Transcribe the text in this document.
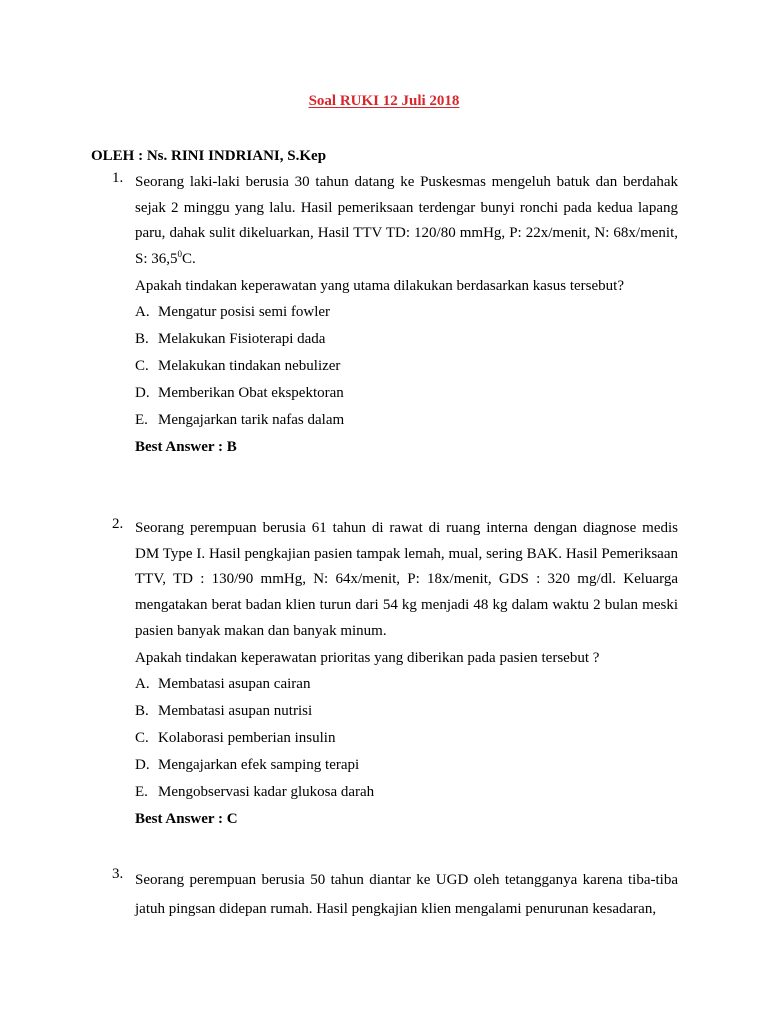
Soal RUKI 12 Juli 2018
OLEH : Ns. RINI INDRIANI, S.Kep
1. Seorang laki-laki berusia 30 tahun datang ke Puskesmas mengeluh batuk dan berdahak sejak 2 minggu yang lalu. Hasil pemeriksaan terdengar bunyi ronchi pada kedua lapang paru, dahak sulit dikeluarkan, Hasil TTV TD: 120/80 mmHg, P: 22x/menit, N: 68x/menit, S: 36,5$^0$C.

Apakah tindakan keperawatan yang utama dilakukan berdasarkan kasus tersebut?

A. Mengatur posisi semi fowler
B. Melakukan Fisioterapi dada
C. Melakukan tindakan nebulizer
D. Memberikan Obat ekspektoran
E. Mengajarkan tarik nafas dalam

Best Answer : B

2. Seorang perempuan berusia 61 tahun di rawat di ruang interna dengan diagnose medis DM Type I. Hasil pengkajian pasien tampak lemah, mual, sering BAK. Hasil Pemeriksaan TTV, TD : 130/90 mmHg, N: 64x/menit, P: 18x/menit, GDS : 320 mg/dl. Keluarga mengatakan berat badan klien turun dari 54 kg menjadi 48 kg dalam waktu 2 bulan meski pasien banyak makan dan banyak minum.

Apakah tindakan keperawatan prioritas yang diberikan pada pasien tersebut ?

A. Membatasi asupan cairan
B. Membatasi asupan nutrisi
C. Kolaborasi pemberian insulin
D. Mengajarkan efek samping terapi
E. Mengobservasi kadar glukosa darah

Best Answer : C

3. Seorang perempuan berusia 50 tahun diantar ke UGD oleh tetangganya karena tiba-tiba jatuh pingsan didepan rumah. Hasil pengkajian klien mengalami penurunan kesadaran,
